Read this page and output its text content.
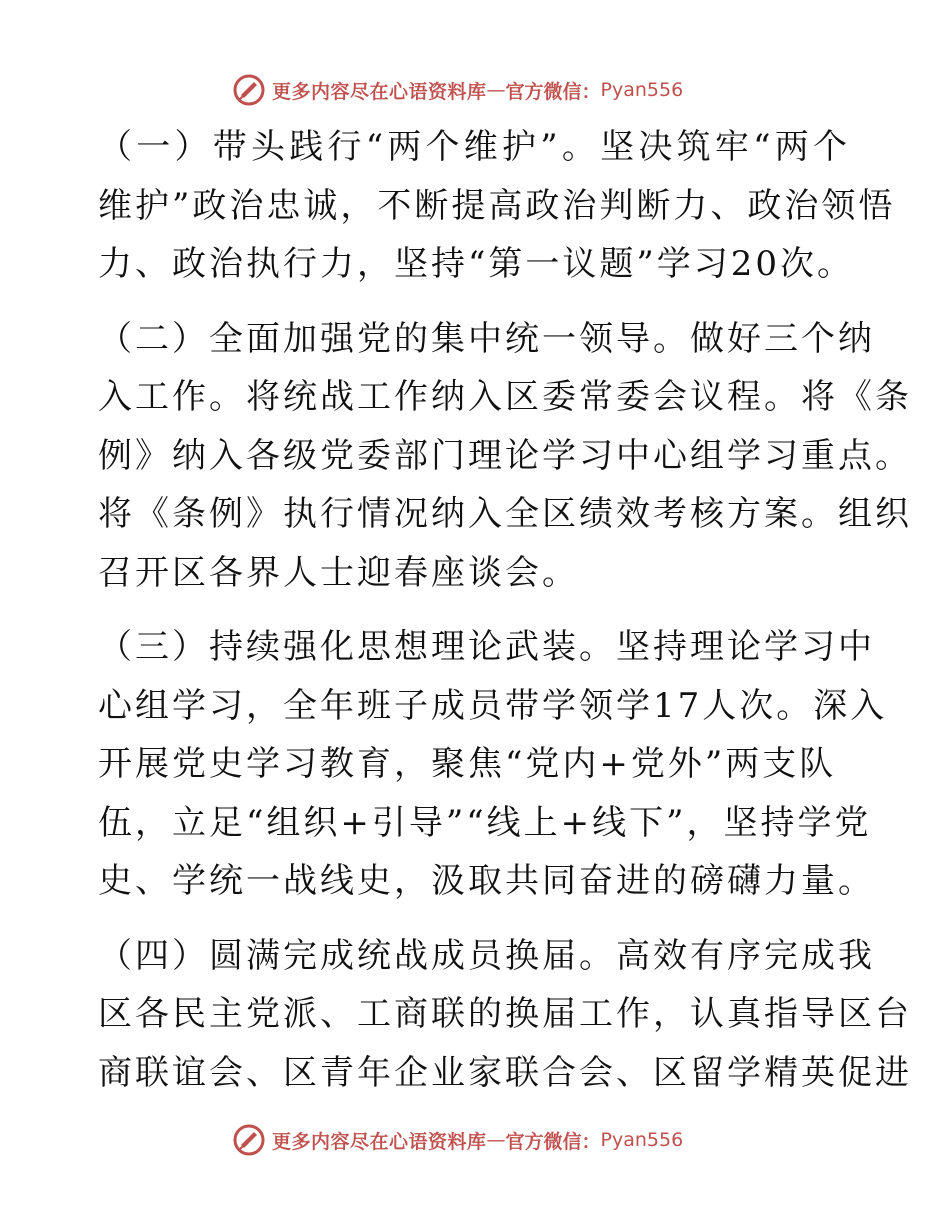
更多内容尽在心语资料库 — 官方微信： Pyan556

（一）带头践行“两个维护”。坚决筑牢“两个
维护”政治忠诚，不断提高政治判断力、政治领悟
力、政治执行力，坚持“第一议题”学习20次。

（二）全面加强党的集中统一领导。做好三个纳
入工作。将统战工作纳入区委常委会议程。将《条
例》纳入各级党委部门理论学习中心组学习重点。
将《条例》执行情况纳入全区绩效考核方案。组织
召开区各界人士迎春座谈会。

（三）持续强化思想理论武装。坚持理论学习中
心组学习，全年班子成员带学领学17人次。深入
开展党史学习教育，聚焦“党内+党外”两支队
伍，立足“组织+引导”“线上+线下”，坚持学党
史、学统一战线史，汲取共同奋进的磅礴力量。

（四）圆满完成统战成员换届。高效有序完成我
区各民主党派、工商联的换届工作，认真指导区台
商联谊会、区青年企业家联合会、区留学精英促进

更多内容尽在心语资料库 — 官方微信： Pyan556
